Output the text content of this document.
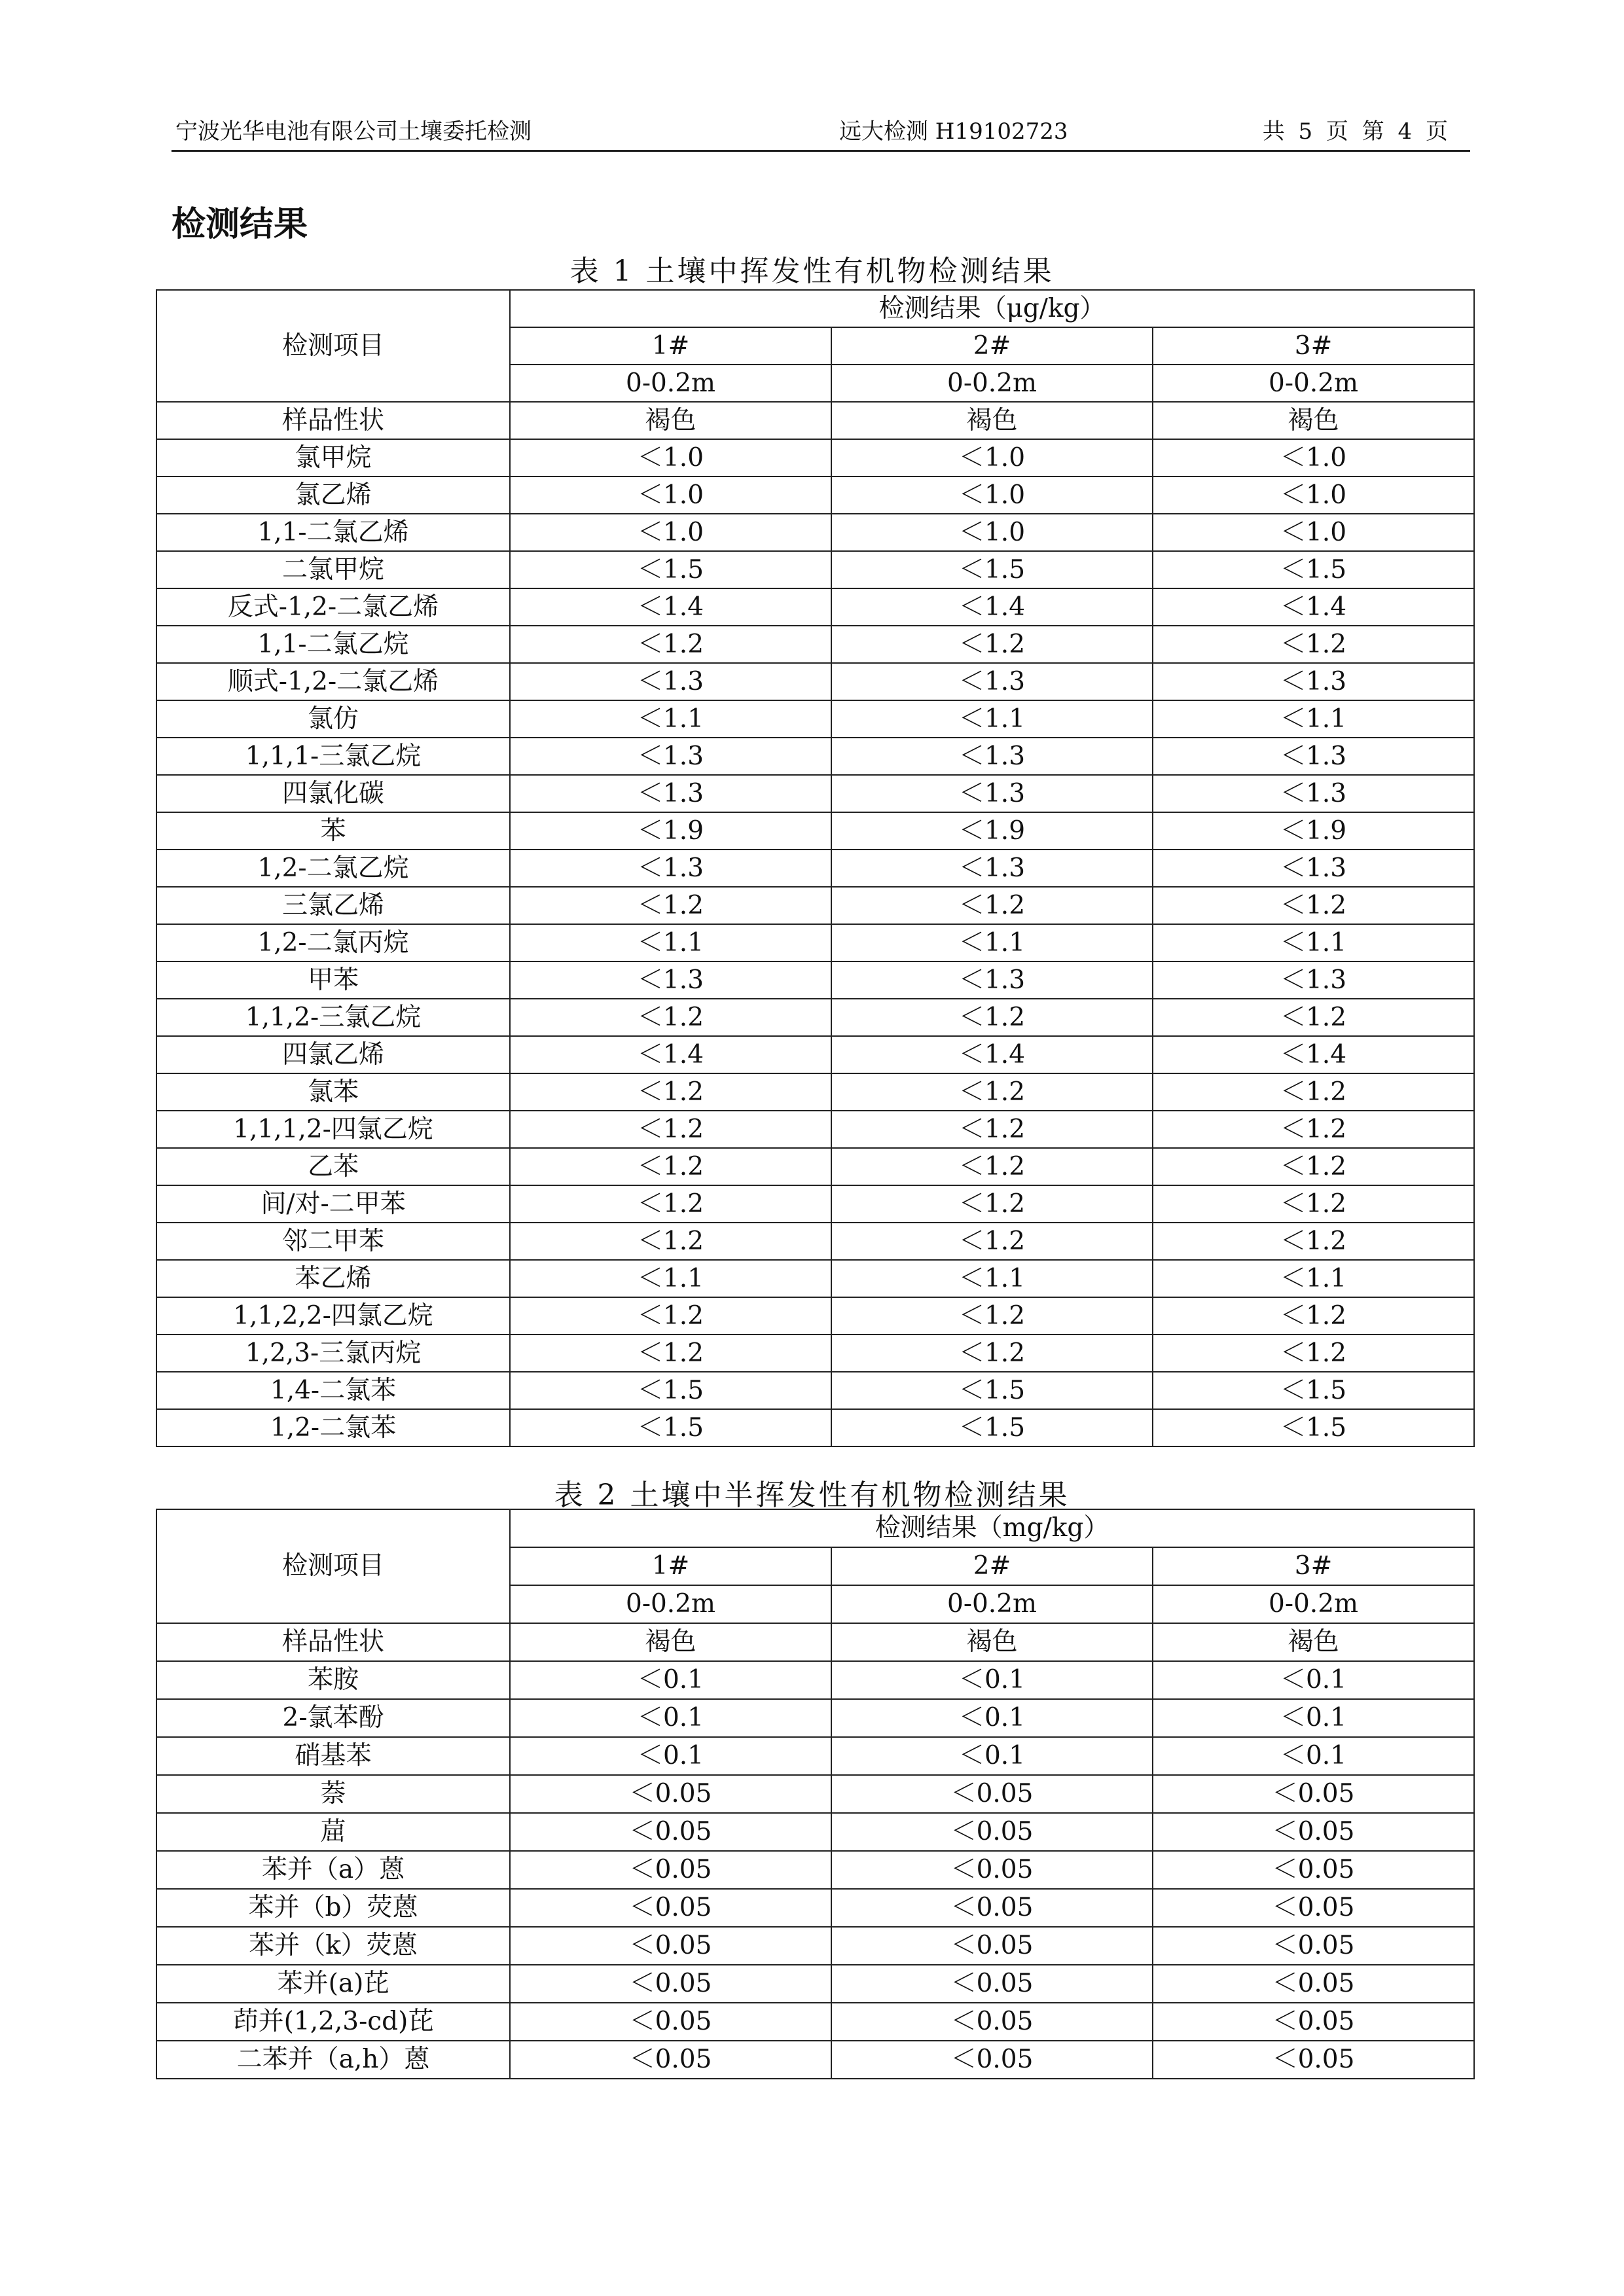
宁波光华电池有限公司土壤委托检测	远大检测 H19102723	共 5 页 第 4 页
检测结果
表 1 土壤中挥发性有机物检测结果
检测项目	检测结果（μg/kg）		
	1#	2#	3#
	0-0.2m	0-0.2m	0-0.2m
样品性状	褐色	褐色	褐色
氯甲烷	＜1.0	＜1.0	＜1.0
氯乙烯	＜1.0	＜1.0	＜1.0
1,1-二氯乙烯	＜1.0	＜1.0	＜1.0
二氯甲烷	＜1.5	＜1.5	＜1.5
反式-1,2-二氯乙烯	＜1.4	＜1.4	＜1.4
1,1-二氯乙烷	＜1.2	＜1.2	＜1.2
顺式-1,2-二氯乙烯	＜1.3	＜1.3	＜1.3
氯仿	＜1.1	＜1.1	＜1.1
1,1,1-三氯乙烷	＜1.3	＜1.3	＜1.3
四氯化碳	＜1.3	＜1.3	＜1.3
苯	＜1.9	＜1.9	＜1.9
1,2-二氯乙烷	＜1.3	＜1.3	＜1.3
三氯乙烯	＜1.2	＜1.2	＜1.2
1,2-二氯丙烷	＜1.1	＜1.1	＜1.1
甲苯	＜1.3	＜1.3	＜1.3
1,1,2-三氯乙烷	＜1.2	＜1.2	＜1.2
四氯乙烯	＜1.4	＜1.4	＜1.4
氯苯	＜1.2	＜1.2	＜1.2
1,1,1,2-四氯乙烷	＜1.2	＜1.2	＜1.2
乙苯	＜1.2	＜1.2	＜1.2
间/对-二甲苯	＜1.2	＜1.2	＜1.2
邻二甲苯	＜1.2	＜1.2	＜1.2
苯乙烯	＜1.1	＜1.1	＜1.1
1,1,2,2-四氯乙烷	＜1.2	＜1.2	＜1.2
1,2,3-三氯丙烷	＜1.2	＜1.2	＜1.2
1,4-二氯苯	＜1.5	＜1.5	＜1.5
1,2-二氯苯	＜1.5	＜1.5	＜1.5
表 2 土壤中半挥发性有机物检测结果
检测项目	检测结果（mg/kg）		
	1#	2#	3#
	0-0.2m	0-0.2m	0-0.2m
样品性状	褐色	褐色	褐色
苯胺	＜0.1	＜0.1	＜0.1
2-氯苯酚	＜0.1	＜0.1	＜0.1
硝基苯	＜0.1	＜0.1	＜0.1
萘	＜0.05	＜0.05	＜0.05
䓛	＜0.05	＜0.05	＜0.05
苯并（a）蒽	＜0.05	＜0.05	＜0.05
苯并（b）荧蒽	＜0.05	＜0.05	＜0.05
苯并（k）荧蒽	＜0.05	＜0.05	＜0.05
苯并(a)芘	＜0.05	＜0.05	＜0.05
茚并(1,2,3-cd)芘	＜0.05	＜0.05	＜0.05
二苯并（a,h）蒽	＜0.05	＜0.05	＜0.05
